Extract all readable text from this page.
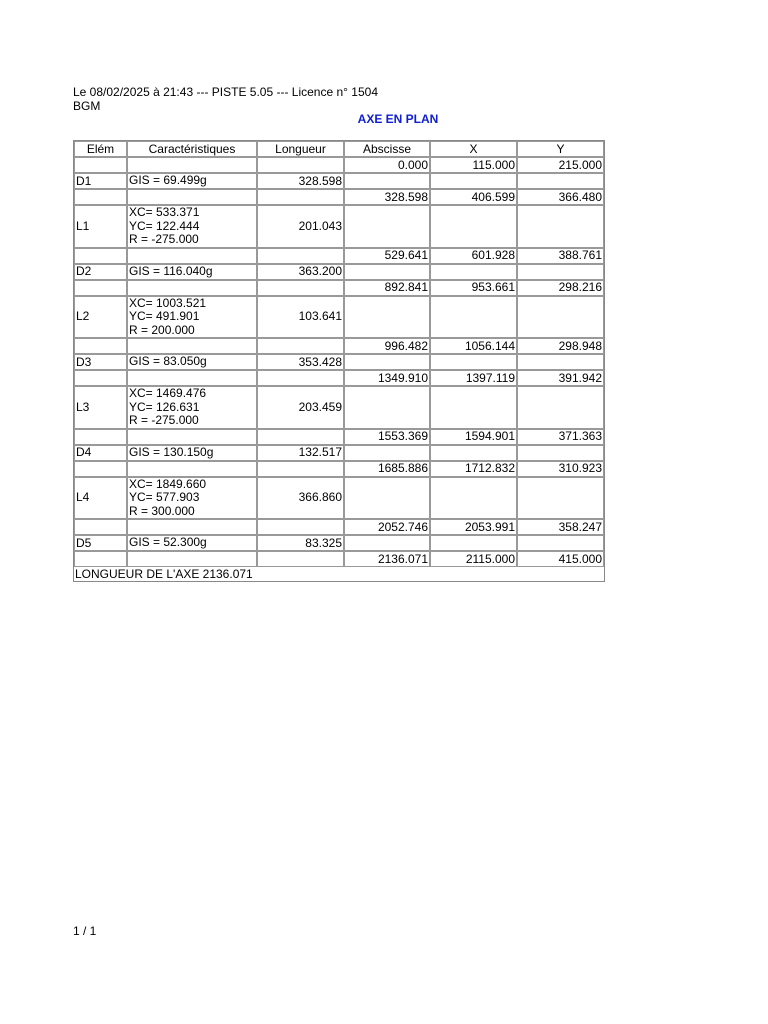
Le 08/02/2025 à 21:43 --- PISTE 5.05 --- Licence n° 1504
BGM
AXE EN PLAN
Elém	Caractéristiques	Longueur	Abscisse	X	Y
			0.000	115.000	215.000
D1	GIS = 69.499g	328.598			
			328.598	406.599	366.480
L1	XC= 533.371
YC= 122.444
R = -275.000	201.043			
			529.641	601.928	388.761
D2	GIS = 116.040g	363.200			
			892.841	953.661	298.216
L2	XC= 1003.521
YC= 491.901
R = 200.000	103.641			
			996.482	1056.144	298.948
D3	GIS = 83.050g	353.428			
			1349.910	1397.119	391.942
L3	XC= 1469.476
YC= 126.631
R = -275.000	203.459			
			1553.369	1594.901	371.363
D4	GIS = 130.150g	132.517			
			1685.886	1712.832	310.923
L4	XC= 1849.660
YC= 577.903
R = 300.000	366.860			
			2052.746	2053.991	358.247
D5	GIS = 52.300g	83.325			
			2136.071	2115.000	415.000
LONGUEUR DE L'AXE 2136.071					
1 / 1
